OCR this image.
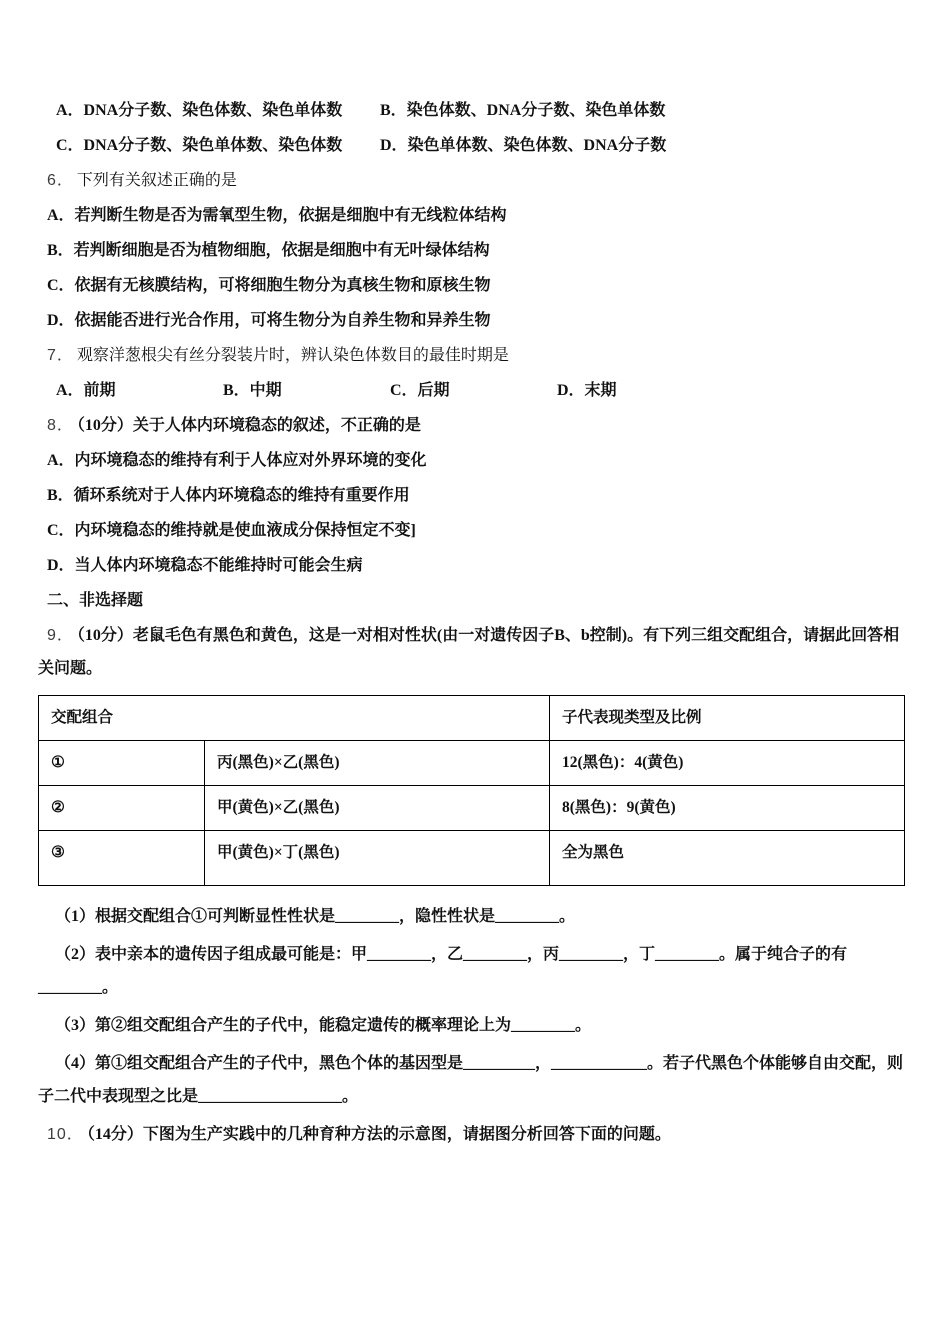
A．DNA分子数、染色体数、染色单体数 B．染色体数、DNA分子数、染色单体数

C．DNA分子数、染色单体数、染色体数 D．染色单体数、染色体数、DNA分子数

6． 下列有关叙述正确的是

A．若判断生物是否为需氧型生物，依据是细胞中有无线粒体结构

B．若判断细胞是否为植物细胞，依据是细胞中有无叶绿体结构

C．依据有无核膜结构，可将细胞生物分为真核生物和原核生物

D．依据能否进行光合作用，可将生物分为自养生物和异养生物

7． 观察洋葱根尖有丝分裂装片时，辨认染色体数目的最佳时期是

A．前期	B．中期	C．后期	D．末期

8． （10分）关于人体内环境稳态的叙述，不正确的是

A．内环境稳态的维持有利于人体应对外界环境的变化

B．循环系统对于人体内环境稳态的维持有重要作用

C．内环境稳态的维持就是使血液成分保持恒定不变]

D．当人体内环境稳态不能维持时可能会生病

二、非选择题

9． （10分）老鼠毛色有黑色和黄色，这是一对相对性状(由一对遗传因子B、b控制)。有下列三组交配组合，请据此回答相关问题。

交配组合		子代表现类型及比例
①	丙(黑色)×乙(黑色)	12(黑色)：4(黄色)
②	甲(黄色)×乙(黑色)	8(黑色)：9(黄色)
③	甲(黄色)×丁(黑色)	全为黑色

（1）根据交配组合①可判断显性性状是________，隐性性状是________。

（2）表中亲本的遗传因子组成最可能是：甲________，乙________，丙________，丁________。属于纯合子的有________。

（3）第②组交配组合产生的子代中，能稳定遗传的概率理论上为________。

（4）第①组交配组合产生的子代中，黑色个体的基因型是_________，____________。若子代黑色个体能够自由交配，则子二代中表现型之比是__________________。

10． （14分）下图为生产实践中的几种育种方法的示意图，请据图分析回答下面的问题。
